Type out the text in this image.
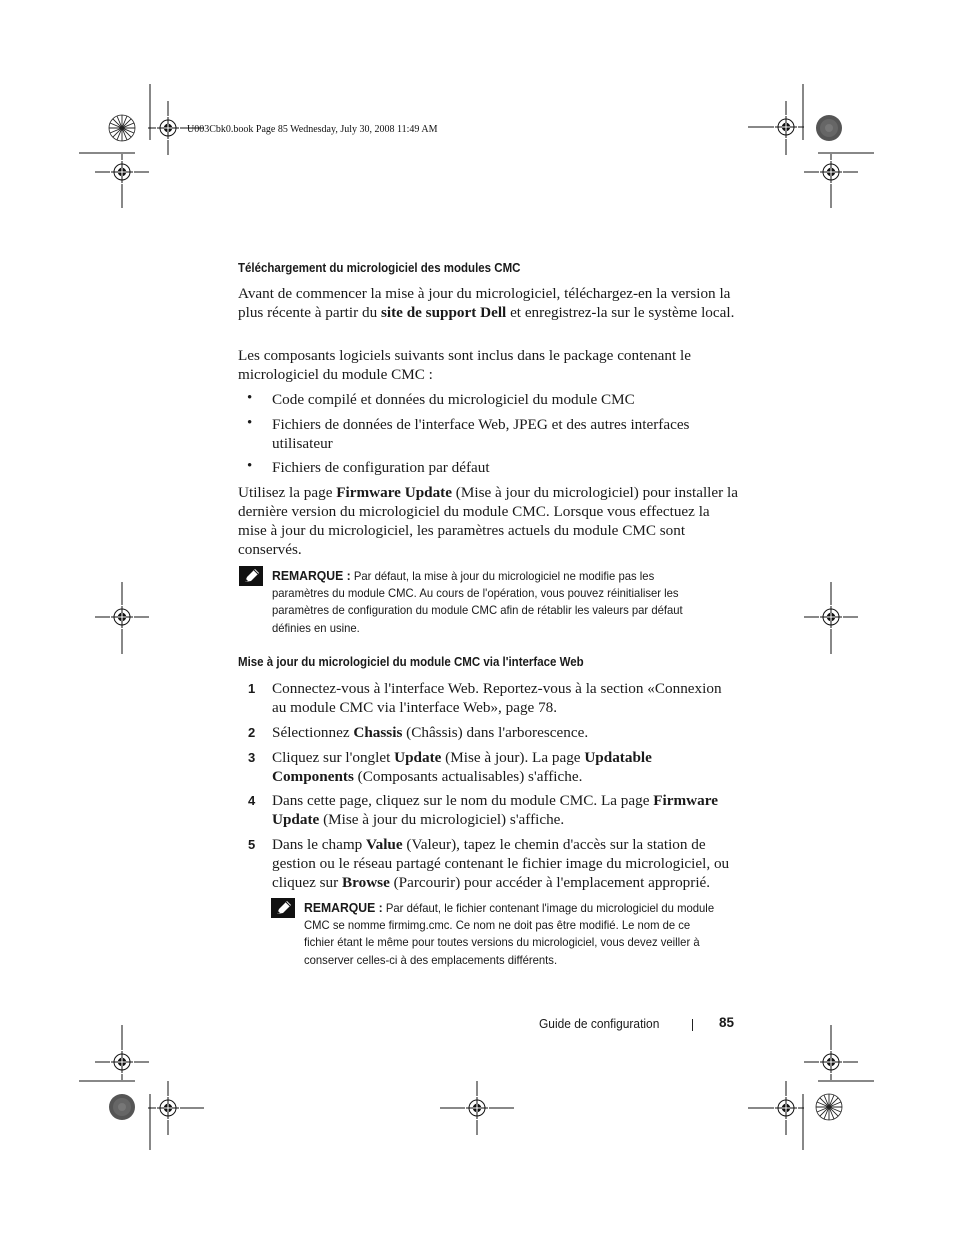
U003Cbk0.book Page 85 Wednesday, July 30, 2008 11:49 AM
Téléchargement du micrologiciel des modules CMC
Avant de commencer la mise à jour du micrologiciel, téléchargez-en la version la plus récente à partir du site de support Dell et enregistrez-la sur le système local.
Les composants logiciels suivants sont inclus dans le package contenant le micrologiciel du module CMC :
• Code compilé et données du micrologiciel du module CMC
• Fichiers de données de l'interface Web, JPEG et des autres interfaces utilisateur
• Fichiers de configuration par défaut
Utilisez la page Firmware Update (Mise à jour du micrologiciel) pour installer la dernière version du micrologiciel du module CMC. Lorsque vous effectuez la mise à jour du micrologiciel, les paramètres actuels du module CMC sont conservés.
REMARQUE : Par défaut, la mise à jour du micrologiciel ne modifie pas les paramètres du module CMC. Au cours de l'opération, vous pouvez réinitialiser les paramètres de configuration du module CMC afin de rétablir les valeurs par défaut définies en usine.
Mise à jour du micrologiciel du module CMC via l'interface Web
1 Connectez-vous à l'interface Web. Reportez-vous à la section «Connexion au module CMC via l'interface Web», page 78.
2 Sélectionnez Chassis (Châssis) dans l'arborescence.
3 Cliquez sur l'onglet Update (Mise à jour). La page Updatable Components (Composants actualisables) s'affiche.
4 Dans cette page, cliquez sur le nom du module CMC. La page Firmware Update (Mise à jour du micrologiciel) s'affiche.
5 Dans le champ Value (Valeur), tapez le chemin d'accès sur la station de gestion ou le réseau partagé contenant le fichier image du micrologiciel, ou cliquez sur Browse (Parcourir) pour accéder à l'emplacement approprié.
REMARQUE : Par défaut, le fichier contenant l'image du micrologiciel du module CMC se nomme firmimg.cmc. Ce nom ne doit pas être modifié. Le nom de ce fichier étant le même pour toutes versions du micrologiciel, vous devez veiller à conserver celles-ci à des emplacements différents.
Guide de configuration	85
